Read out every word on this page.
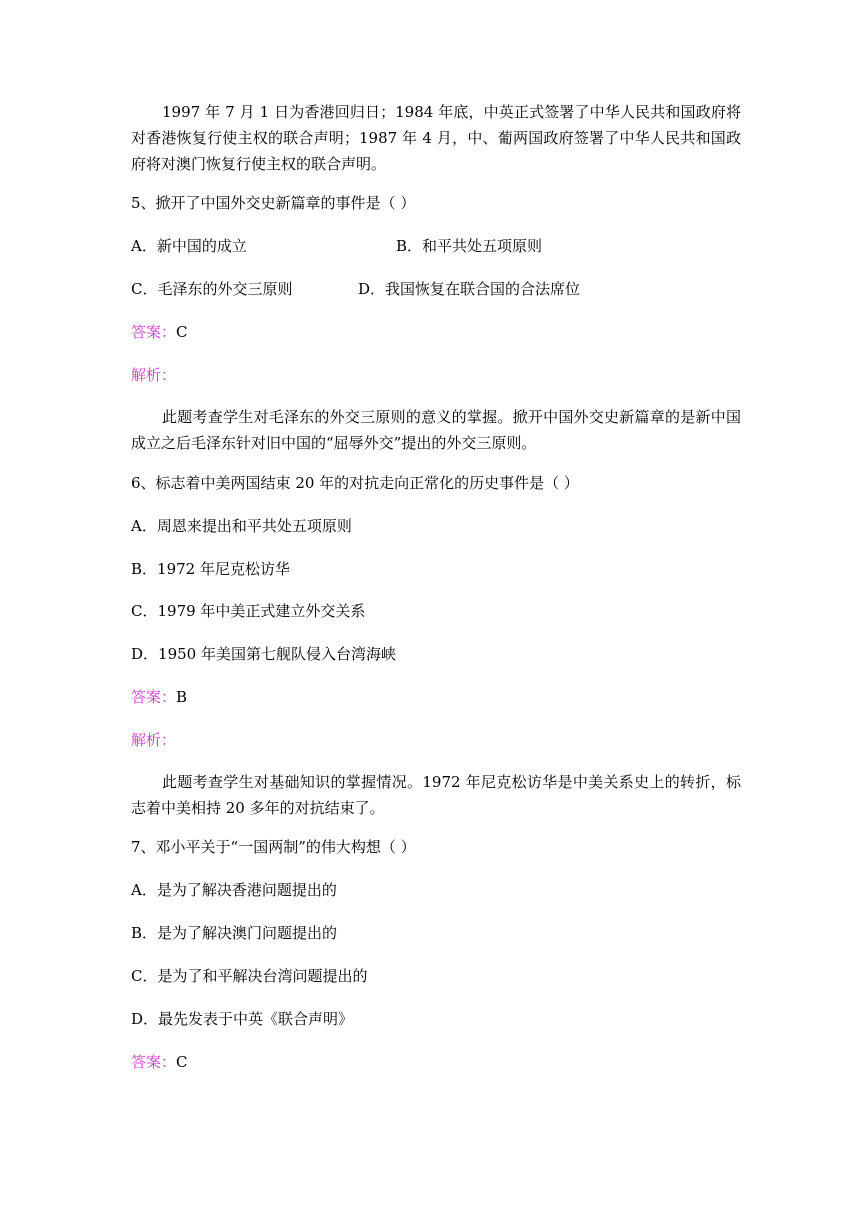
1997 年 7 月 1 日为香港回归日；1984 年底，中英正式签署了中华人民共和国政府将对香港恢复行使主权的联合声明；1987 年 4 月，中、葡两国政府签署了中华人民共和国政府将对澳门恢复行使主权的联合声明。
5、掀开了中国外交史新篇章的事件是（ ）
A．新中国的成立	B．和平共处五项原则
C．毛泽东的外交三原则	D．我国恢复在联合国的合法席位
答案：C
解析：
此题考查学生对毛泽东的外交三原则的意义的掌握。掀开中国外交史新篇章的是新中国成立之后毛泽东针对旧中国的“屈辱外交”提出的外交三原则。
6、标志着中美两国结束 20 年的对抗走向正常化的历史事件是（ ）
A．周恩来提出和平共处五项原则
B．1972 年尼克松访华
C．1979 年中美正式建立外交关系
D．1950 年美国第七舰队侵入台湾海峡
答案：B
解析：
此题考查学生对基础知识的掌握情况。1972 年尼克松访华是中美关系史上的转折，标志着中美相持 20 多年的对抗结束了。
7、邓小平关于“一国两制”的伟大构想（ ）
A．是为了解决香港问题提出的
B．是为了解决澳门问题提出的
C．是为了和平解决台湾问题提出的
D．最先发表于中英《联合声明》
答案：C
